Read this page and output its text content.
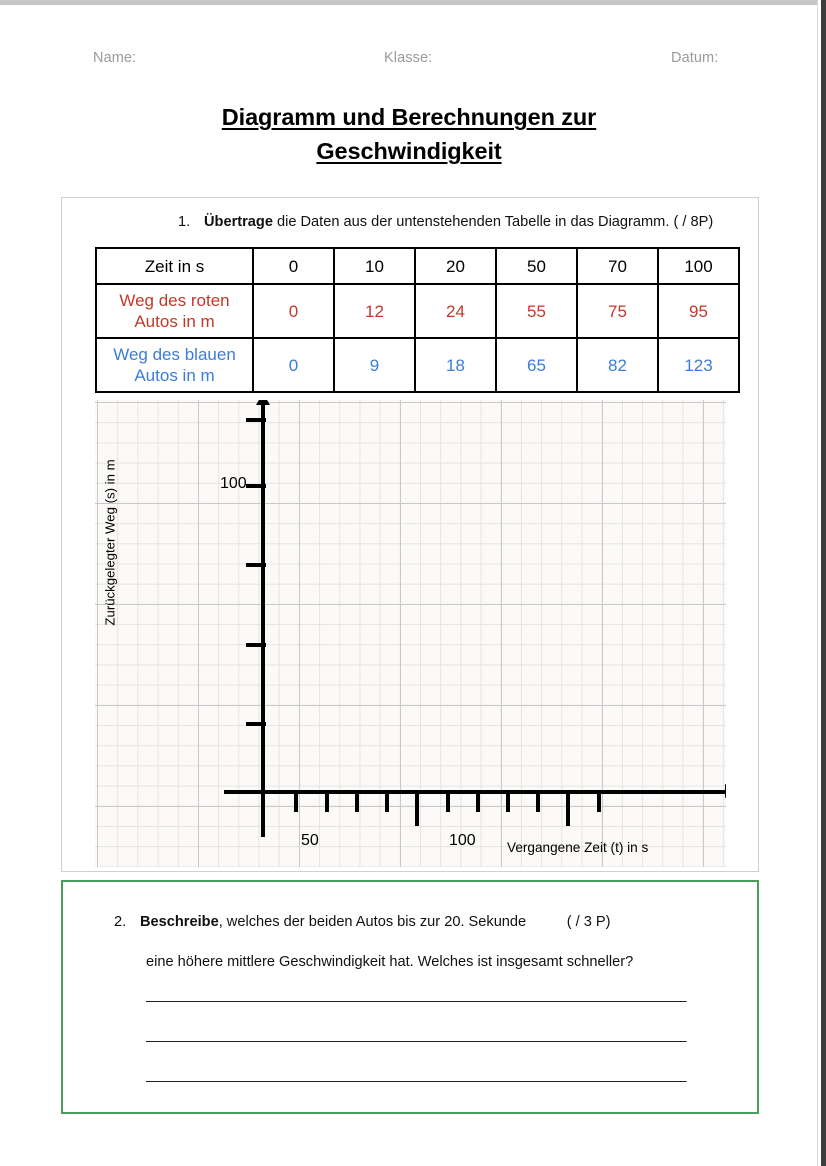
Name:	Klasse:	Datum:
Diagramm und Berechnungen zur
Geschwindigkeit
1. Übertrage die Daten aus der untenstehenden Tabelle in das Diagramm. ( / 8P)
Zeit in s	0	10	20	50	70	100
Weg des roten
Autos in m	0	12	24	55	75	95
Weg des blauen
Autos in m	0	9	18	65	82	123
100
50	100
Zurückgelegter Weg (s) in m
Vergangene Zeit (t) in s
2. Beschreibe, welches der beiden Autos bis zur 20. Sekunde	( / 3 P)
eine höhere mittlere Geschwindigkeit hat. Welches ist insgesamt schneller?
______________________________________________________________________
______________________________________________________________________
______________________________________________________________________
